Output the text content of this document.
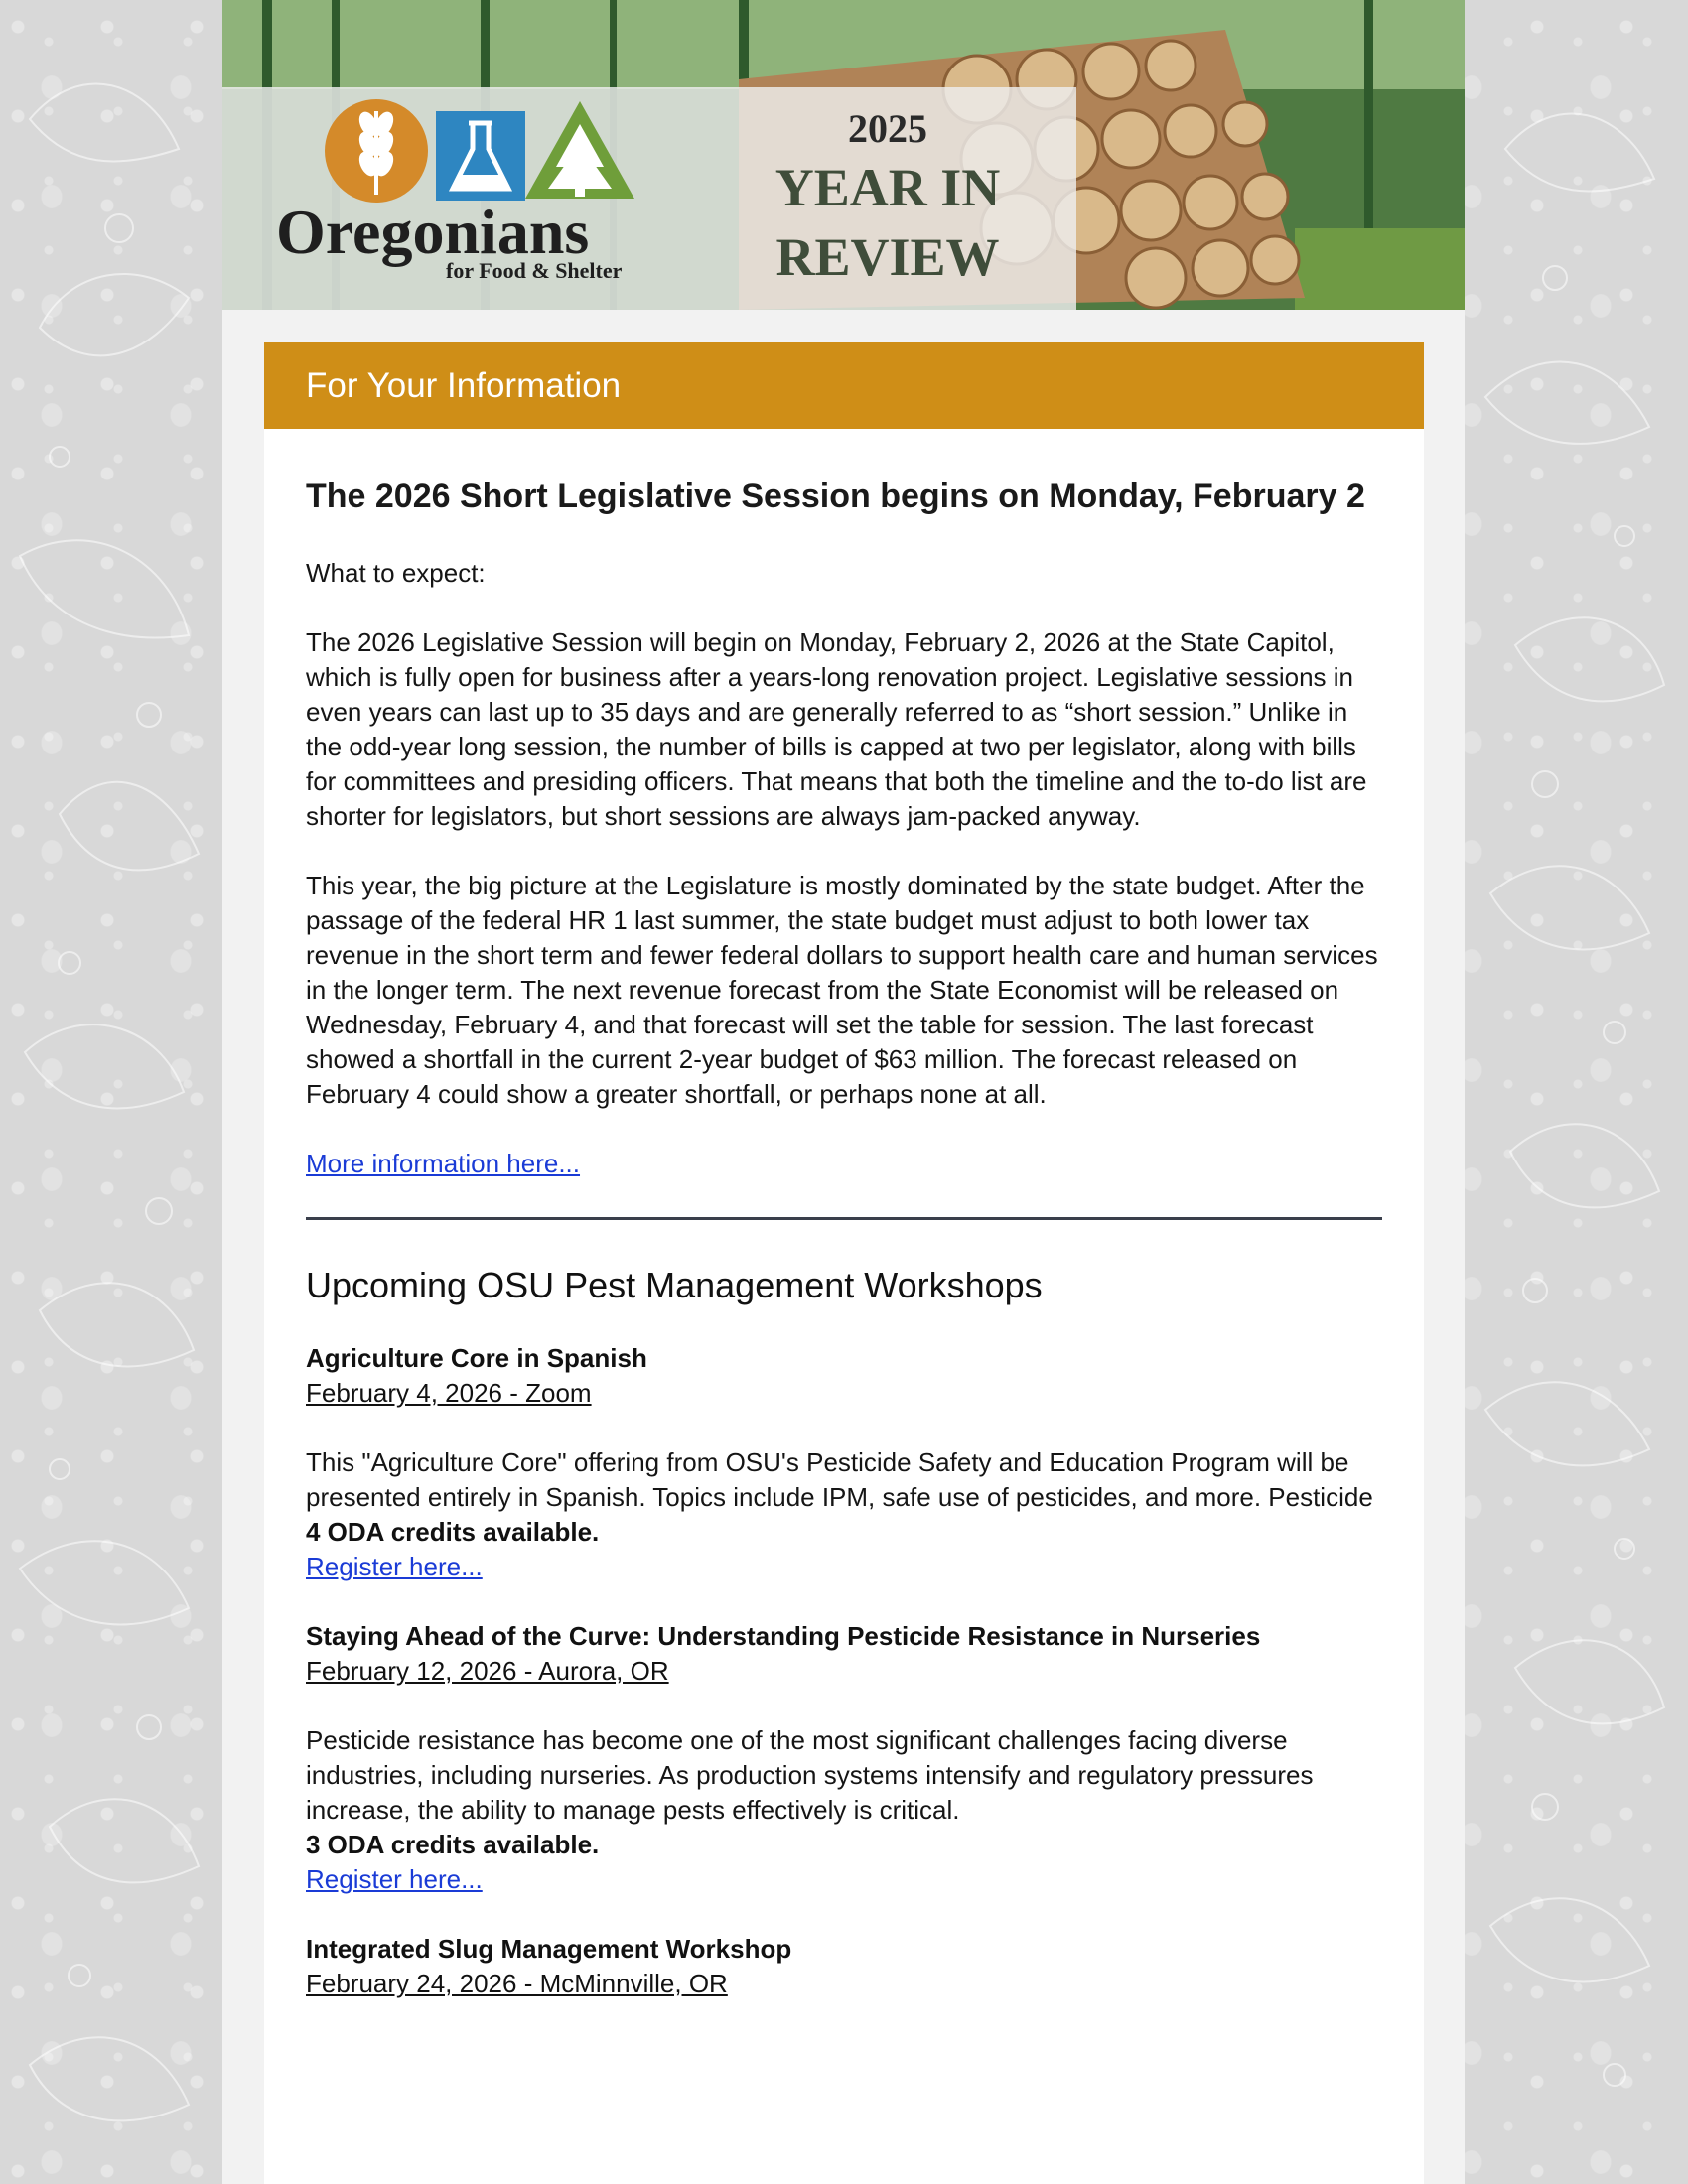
Oregonians
for Food & Shelter
2025
YEAR IN
REVIEW
For Your Information
The 2026 Short Legislative Session begins on Monday, February 2

What to expect:

The 2026 Legislative Session will begin on Monday, February 2, 2026 at the State Capitol, which is fully open for business after a years-long renovation project. Legislative sessions in even years can last up to 35 days and are generally referred to as “short session.” Unlike in the odd-year long session, the number of bills is capped at two per legislator, along with bills for committees and presiding officers. That means that both the timeline and the to-do list are shorter for legislators, but short sessions are always jam-packed anyway.

This year, the big picture at the Legislature is mostly dominated by the state budget. After the passage of the federal HR 1 last summer, the state budget must adjust to both lower tax revenue in the short term and fewer federal dollars to support health care and human services in the longer term. The next revenue forecast from the State Economist will be released on Wednesday, February 4, and that forecast will set the table for session. The last forecast showed a shortfall in the current 2-year budget of $63 million. The forecast released on February 4 could show a greater shortfall, or perhaps none at all.

More information here...
Upcoming OSU Pest Management Workshops
Agriculture Core in Spanish
February 4, 2026 - Zoom
This "Agriculture Core" offering from OSU's Pesticide Safety and Education Program will be presented entirely in Spanish. Topics include IPM, safe use of pesticides, and more. Pesticide
4 ODA credits available.
Register here...
Staying Ahead of the Curve: Understanding Pesticide Resistance in Nurseries
February 12, 2026 - Aurora, OR
Pesticide resistance has become one of the most significant challenges facing diverse industries, including nurseries. As production systems intensify and regulatory pressures increase, the ability to manage pests effectively is critical.
3 ODA credits available.
Register here...
Integrated Slug Management Workshop
February 24, 2026 - McMinnville, OR
